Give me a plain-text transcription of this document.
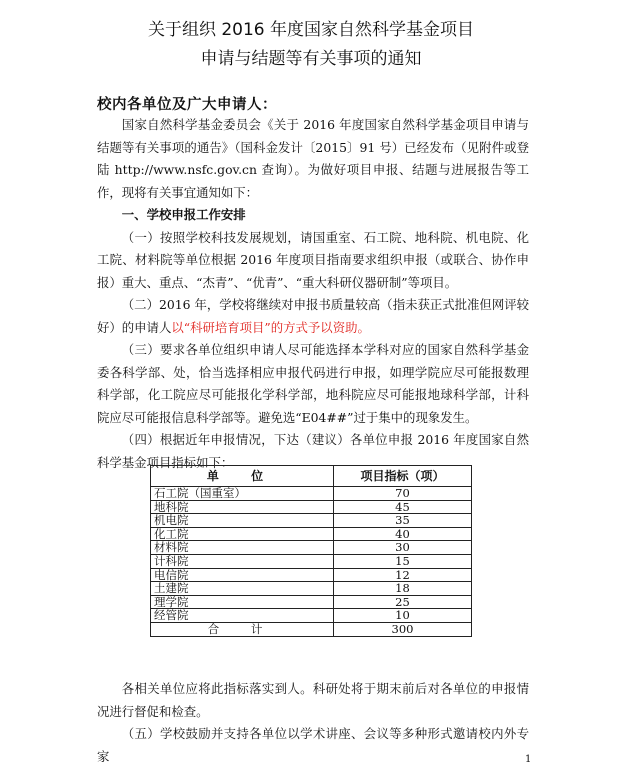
关于组织 2016 年度国家自然科学基金项目

申请与结题等有关事项的通知

校内各单位及广大申请人：

国家自然科学基金委员会《关于 2016 年度国家自然科学基金项目申请与结题等有关事项的通告》（国科金发计〔2015〕91 号）已经发布（见附件或登陆 http://www.nsfc.gov.cn 查询）。为做好项目申报、结题与进展报告等工作，现将有关事宜通知如下：

一、学校申报工作安排

（一）按照学校科技发展规划，请国重室、石工院、地科院、机电院、化工院、材料院等单位根据 2016 年度项目指南要求组织申报（或联合、协作申报）重大、重点、“杰青”、“优青”、“重大科研仪器研制”等项目。

（二）2016 年，学校将继续对申报书质量较高（指未获正式批准但网评较好）的申请人以“科研培育项目”的方式予以资助。

（三）要求各单位组织申请人尽可能选择本学科对应的国家自然科学基金委各科学部、处，恰当选择相应申报代码进行申报，如理学院应尽可能报数理科学部，化工院应尽可能报化学科学部，地科院应尽可能报地球科学部，计科院应尽可能报信息科学部等。避免选“E04##”过于集中的现象发生。

（四）根据近年申报情况，下达（建议）各单位申报 2016 年度国家自然科学基金项目指标如下：

单 位	项目指标（项）
石工院（国重室）	70
地科院	45
机电院	35
化工院	40
材料院	30
计科院	15
电信院	12
土建院	18
理学院	25
经管院	10
合 计	300

各相关单位应将此指标落实到人。科研处将于期末前后对各单位的申报情况进行督促和检查。

（五）学校鼓励并支持各单位以学术讲座、会议等多种形式邀请校内外专家	1
